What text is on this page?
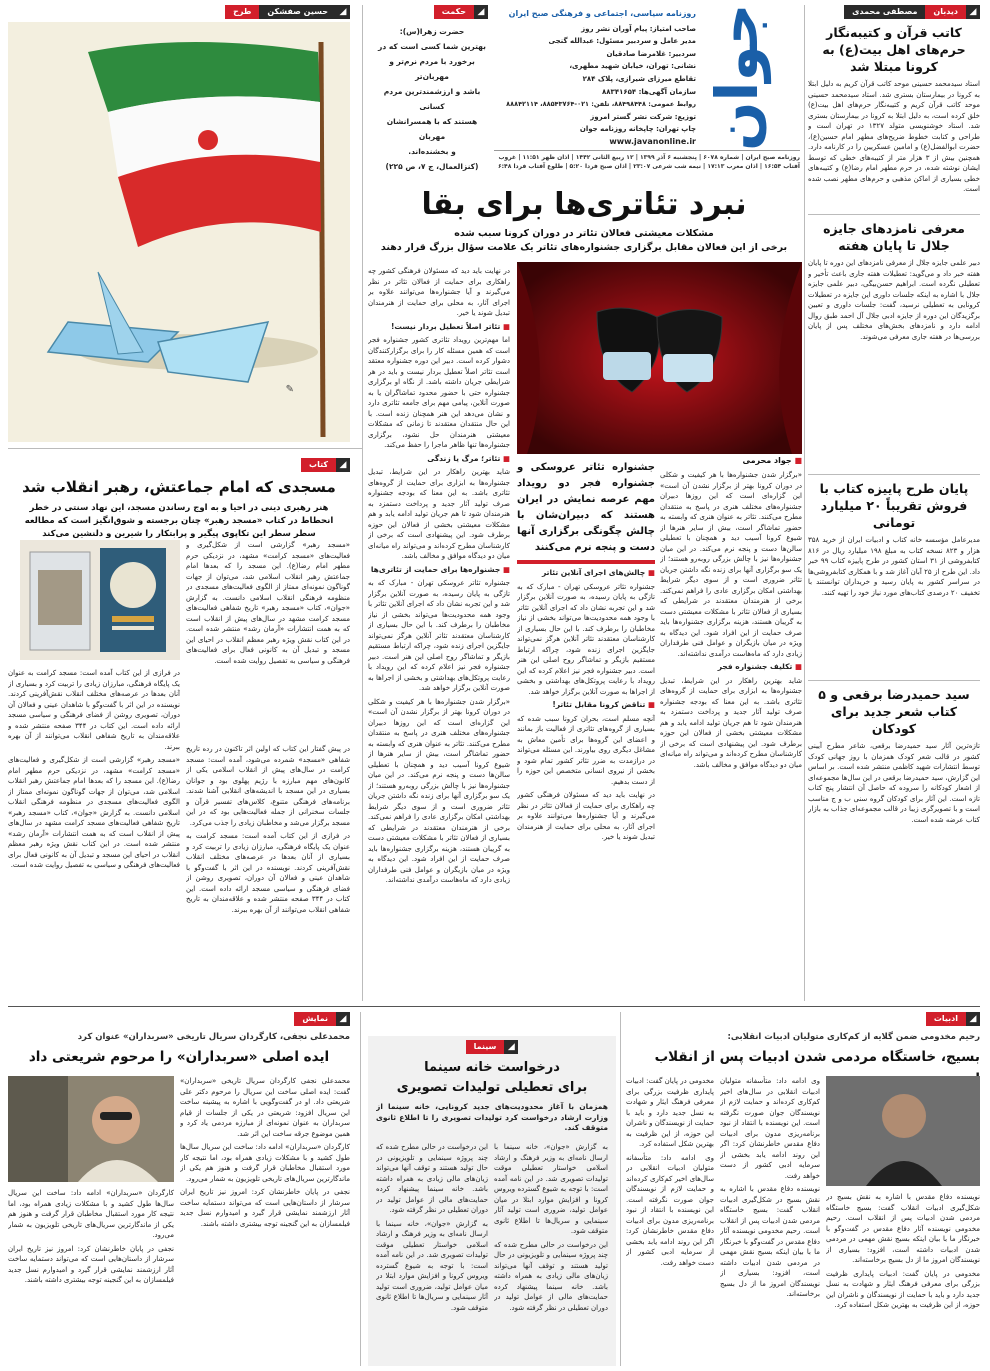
◢
حسین صفشکن
طرح
✎
◢
حکمت
حضرت زهرا(س):
بهترین شما کسی است که در
برخورد با مردم نرم‌تر و مهربان‌تر
باشد و ارزشمندترین مردم کسانی
هستند که با همسرانشان مهربان
و بخشنده‌اند.
(کنزالعمال، ج ۷، ص ۲۲۵)
روزنامه سیاسی، اجتماعی و فرهنگی صبح ایران
صاحب امتیاز: پیام آوران نشر روز
مدیر عامل و سردبیر مسئول: عبدالله گنجی
سردبیر: غلامرضا صادقیان
نشانی: تهران، خیابان شهید مطهری،
تقاطع میرزای شیرازی، پلاک ۲۸۴
سازمان آگهی‌ها: ۸۸۳۴۱۶۵۴
روابط عمومی: ۸۸۴۹۸۴۴۸، تلفن: ۰۲۱-۸۸۵۴۳۷۶۴، ۸۸۸۴۲۱۱۴
توزیع: شرکت نشر گستر امروز
چاپ تهران: چاپخانه روزنامه جوان
www.javanonline.ir جوان
روزنامه صبح ایران | شماره ۶۰۷۸ | پنجشنبه ۶ آذر ۱۳۹۹ | ۱۲ ربیع الثانی ۱۴۴۲ | اذان ظهر ۱۱:۵۱ | غروب آفتاب ۱۶:۵۴ | اذان مغرب ۱۷:۱۳ | نیمه شب شرعی ۲۳:۰۷ | اذان صبح فردا ۵:۲۰ | طلوع آفتاب فردا ۶:۴۸
نبرد تئاتری‌ها برای بقا
مشکلات معیشتی فعالان تئاتر در دوران کرونا سبب شده
برخی از این فعالان مقابل برگزاری جشنواره‌های تئاتر یک علامت سؤال بزرگ قرار دهند
■ جواد محرمی
جشنواره تئاتر عروسکی و جشنواره فجر دو رویداد مهم عرصه نمایش در ایران هستند که دبیران‌شان با چالش چگونگی برگزاری آنها دست و پنجه نرم می‌کنند

«برگزار شدن جشنواره‌ها با هر کیفیت و شکلی در دوران کرونا بهتر از برگزار نشدن آن است» این گزاره‌ای است که این روزها دبیران جشنواره‌های مختلف هنری در پاسخ به منتقدان مطرح می‌کنند. تئاتر به عنوان هنری که وابسته به حضور تماشاگر است، بیش از سایر هنرها از شیوع کرونا آسیب دید و همچنان با تعطیلی سالن‌ها دست و پنجه نرم می‌کند. در این میان جشنواره‌ها نیز با چالش بزرگی روبه‌رو هستند؛ از یک سو برگزاری آنها برای زنده نگه داشتن جریان تئاتر ضروری است و از سوی دیگر شرایط بهداشتی امکان برگزاری عادی را فراهم نمی‌کند. برخی از هنرمندان معتقدند در شرایطی که بسیاری از فعالان تئاتر با مشکلات معیشتی دست به گریبان هستند، هزینه برگزاری جشنواره‌ها باید صرف حمایت از این افراد شود. این دیدگاه به ویژه در میان بازیگران و عوامل فنی طرفداران زیادی دارد که ماه‌هاست درآمدی نداشته‌اند.

■ تکلیف جشنواره فجر

شاید بهترین راهکار در این شرایط، تبدیل جشنواره‌ها به ابزاری برای حمایت از گروه‌های تئاتری باشد. به این معنا که بودجه جشنواره صرف تولید آثار جدید و پرداخت دستمزد به هنرمندان شود تا هم جریان تولید ادامه یابد و هم مشکلات معیشتی بخشی از فعالان این حوزه برطرف شود. این پیشنهادی است که برخی از کارشناسان مطرح کرده‌اند و می‌تواند راه میانه‌ای میان دو دیدگاه موافق و مخالف باشد.

■ چالش‌های اجرای آنلاین تئاتر

جشنواره تئاتر عروسکی تهران - مبارک که به تازگی به پایان رسیده، به صورت آنلاین برگزار شد و این تجربه نشان داد که اجرای آنلاین تئاتر با وجود همه محدودیت‌ها می‌تواند بخشی از نیاز مخاطبان را برطرف کند. با این حال بسیاری از کارشناسان معتقدند تئاتر آنلاین هرگز نمی‌تواند جایگزین اجرای زنده شود، چراکه ارتباط مستقیم بازیگر و تماشاگر روح اصلی این هنر است. دبیر جشنواره فجر نیز اعلام کرده که این رویداد با رعایت پروتکل‌های بهداشتی و بخشی از اجراها به صورت آنلاین برگزار خواهد شد.

■ تناقض کرونا مقابل تئاتر!

آنچه مسلم است، بحران کرونا سبب شده که بسیاری از گروه‌های تئاتری از فعالیت باز بمانند و اعضای این گروه‌ها برای تأمین معاش به مشاغل دیگری روی بیاورند. این مسئله می‌تواند در درازمدت به ضرر تئاتر کشور تمام شود و بخشی از نیروی انسانی متخصص این حوزه را از دست بدهیم.

در نهایت باید دید که مسئولان فرهنگی کشور چه راهکاری برای حمایت از فعالان تئاتر در نظر می‌گیرند و آیا جشنواره‌ها می‌توانند علاوه بر اجرای آثار، به محلی برای حمایت از هنرمندان تبدیل شوند یا خیر.

در نهایت باید دید که مسئولان فرهنگی کشور چه راهکاری برای حمایت از فعالان تئاتر در نظر می‌گیرند و آیا جشنواره‌ها می‌توانند علاوه بر اجرای آثار، به محلی برای حمایت از هنرمندان تبدیل شوند یا خیر.

■ تئاتر اصلاً تعطیل بردار نیست!

اما مهم‌ترین رویداد تئاتری کشور جشنواره فجر است که همین مسئله کار را برای برگزارکنندگان دشوار کرده است. دبیر این دوره جشنواره معتقد است تئاتر اصلاً تعطیل بردار نیست و باید در هر شرایطی جریان داشته باشد. از نگاه او برگزاری جشنواره حتی با حضور محدود تماشاگران یا به صورت آنلاین، پیامی مهم برای جامعه تئاتری دارد و نشان می‌دهد این هنر همچنان زنده است. با این حال منتقدان معتقدند تا زمانی که مشکلات معیشتی هنرمندان حل نشود، برگزاری جشنواره‌ها تنها ظاهر ماجرا را حفظ می‌کند.

■ تئاتر؛ مرگ یا زندگی

شاید بهترین راهکار در این شرایط، تبدیل جشنواره‌ها به ابزاری برای حمایت از گروه‌های تئاتری باشد. به این معنا که بودجه جشنواره صرف تولید آثار جدید و پرداخت دستمزد به هنرمندان شود تا هم جریان تولید ادامه یابد و هم مشکلات معیشتی بخشی از فعالان این حوزه برطرف شود. این پیشنهادی است که برخی از کارشناسان مطرح کرده‌اند و می‌تواند راه میانه‌ای میان دو دیدگاه موافق و مخالف باشد.

■ جشنواره‌ها برای حمایت از تئاتری‌ها

جشنواره تئاتر عروسکی تهران - مبارک که به تازگی به پایان رسیده، به صورت آنلاین برگزار شد و این تجربه نشان داد که اجرای آنلاین تئاتر با وجود همه محدودیت‌ها می‌تواند بخشی از نیاز مخاطبان را برطرف کند. با این حال بسیاری از کارشناسان معتقدند تئاتر آنلاین هرگز نمی‌تواند جایگزین اجرای زنده شود، چراکه ارتباط مستقیم بازیگر و تماشاگر روح اصلی این هنر است. دبیر جشنواره فجر نیز اعلام کرده که این رویداد با رعایت پروتکل‌های بهداشتی و بخشی از اجراها به صورت آنلاین برگزار خواهد شد.

«برگزار شدن جشنواره‌ها با هر کیفیت و شکلی در دوران کرونا بهتر از برگزار نشدن آن است» این گزاره‌ای است که این روزها دبیران جشنواره‌های مختلف هنری در پاسخ به منتقدان مطرح می‌کنند. تئاتر به عنوان هنری که وابسته به حضور تماشاگر است، بیش از سایر هنرها از شیوع کرونا آسیب دید و همچنان با تعطیلی سالن‌ها دست و پنجه نرم می‌کند. در این میان جشنواره‌ها نیز با چالش بزرگی روبه‌رو هستند؛ از یک سو برگزاری آنها برای زنده نگه داشتن جریان تئاتر ضروری است و از سوی دیگر شرایط بهداشتی امکان برگزاری عادی را فراهم نمی‌کند. برخی از هنرمندان معتقدند در شرایطی که بسیاری از فعالان تئاتر با مشکلات معیشتی دست به گریبان هستند، هزینه برگزاری جشنواره‌ها باید صرف حمایت از این افراد شود. این دیدگاه به ویژه در میان بازیگران و عوامل فنی طرفداران زیادی دارد که ماه‌هاست درآمدی نداشته‌اند.

◢
کتاب
مسجدی که امام جماعتش، رهبر انقلاب شد
هنر رهبری دینی در احیا و به اوج رساندن مسجد، این نهاد سنتی در خطر انحطاط در کتاب «مسجد رهبر» چنان برجسته و شوق‌انگیز است که مطالعه سطر سطر این تکاپوی پیگیر و پرابتکار را شیرین و دلنشین می‌کند

«مسجد رهبر» گزارشی است از شکل‌گیری و فعالیت‌های «مسجد کرامت» مشهد، در نزدیکی حرم مطهر امام رضا(ع). این مسجد را که بعدها امام جماعتش رهبر انقلاب اسلامی شد، می‌توان از جهات گوناگون نمونه‌ای ممتاز از الگوی فعالیت‌های مسجدی در منظومه فرهنگی انقلاب اسلامی دانست. به گزارش «جوان»، کتاب «مسجد رهبر» تاریخ شفاهی فعالیت‌های مسجد کرامت مشهد در سال‌های پیش از انقلاب است که به همت انتشارات «آرمان رشد» منتشر شده است. در این کتاب نقش ویژه رهبر معظم انقلاب در احیای این مسجد و تبدیل آن به کانونی فعال برای فعالیت‌های فرهنگی و سیاسی به تفصیل روایت شده است.

در پیش گفتار این کتاب که اولین اثر تاکنون در رده تاریخ شفاهی «مسجد» شمرده می‌شود، آمده است: مسجد کرامت در سال‌های پیش از انقلاب اسلامی یکی از کانون‌های مهم مبارزه با رژیم پهلوی بود و جوانان بسیاری در این مسجد با اندیشه‌های انقلابی آشنا شدند. برنامه‌های فرهنگی متنوع، کلاس‌های تفسیر قرآن و جلسات سخنرانی از جمله فعالیت‌هایی بود که در این مسجد برگزار می‌شد و مخاطبان زیادی را جذب می‌کرد.

در فرازی از این کتاب آمده است: مسجد کرامت به عنوان یک پایگاه فرهنگی، مبارزان زیادی را تربیت کرد و بسیاری از آنان بعدها در عرصه‌های مختلف انقلاب نقش‌آفرینی کردند. نویسنده در این اثر با گفت‌وگو با شاهدان عینی و فعالان آن دوران، تصویری روشن از فضای فرهنگی و سیاسی مسجد ارائه داده است. این کتاب در ۳۴۴ صفحه منتشر شده و علاقه‌مندان به تاریخ شفاهی انقلاب می‌توانند از آن بهره ببرند.

در فرازی از این کتاب آمده است: مسجد کرامت به عنوان یک پایگاه فرهنگی، مبارزان زیادی را تربیت کرد و بسیاری از آنان بعدها در عرصه‌های مختلف انقلاب نقش‌آفرینی کردند. نویسنده در این اثر با گفت‌وگو با شاهدان عینی و فعالان آن دوران، تصویری روشن از فضای فرهنگی و سیاسی مسجد ارائه داده است. این کتاب در ۳۴۴ صفحه منتشر شده و علاقه‌مندان به تاریخ شفاهی انقلاب می‌توانند از آن بهره ببرند.

«مسجد رهبر» گزارشی است از شکل‌گیری و فعالیت‌های «مسجد کرامت» مشهد، در نزدیکی حرم مطهر امام رضا(ع). این مسجد را که بعدها امام جماعتش رهبر انقلاب اسلامی شد، می‌توان از جهات گوناگون نمونه‌ای ممتاز از الگوی فعالیت‌های مسجدی در منظومه فرهنگی انقلاب اسلامی دانست. به گزارش «جوان»، کتاب «مسجد رهبر» تاریخ شفاهی فعالیت‌های مسجد کرامت مشهد در سال‌های پیش از انقلاب است که به همت انتشارات «آرمان رشد» منتشر شده است. در این کتاب نقش ویژه رهبر معظم انقلاب در احیای این مسجد و تبدیل آن به کانونی فعال برای فعالیت‌های فرهنگی و سیاسی به تفصیل روایت شده است.

◢
دیدبان
مصطفی محمدی
کاتب قرآن و کتیبه‌نگار حرم‌های اهل بیت(ع) به کرونا مبتلا شد
استاد سیدمحمد حسینی موحد کاتب قرآن کریم به دلیل ابتلا به کرونا در بیمارستان بستری شد. استاد سیدمحمد حسینی موحد کاتب قرآن کریم و کتیبه‌نگار حرم‌های اهل بیت(ع) خلق کرده است، به دلیل ابتلا به کرونا در بیمارستان بستری شد. استاد خوشنویسی متولد ۱۳۲۷ در تهران است و طراحی و کتابت خطوط ضریح‌های مطهر امام حسین(ع)، حضرت ابوالفضل(ع) و امامین عسکریین را در کارنامه دارد. همچنین بیش از ۳ هزار متر از کتیبه‌های خطی که توسط ایشان نوشته شده، در حرم مطهر امام رضا(ع) و کتیبه‌های خطی بسیاری از اماکن مذهبی و حرم‌های مطهر نصب شده است.
معرفی نامزدهای جایزه جلال تا پایان هفته
دبیر علمی جایزه جلال از معرفی نامزدهای این دوره تا پایان هفته خبر داد و می‌گوید: تعطیلات هفته جاری باعث تأخیر و تعطیلی نگرده است. ابراهیم حسن‌بیگی، دبیر علمی جایزه جلال با اشاره به اینکه جلسات داوری این جایزه در تعطیلات کرونایی به تعطیلی نرسید، گفت: جلسات داوری و تعیین برگزیدگان این دوره از جایزه ادبی جلال آل احمد طبق روال ادامه دارد و نامزدهای بخش‌های مختلف پس از پایان بررسی‌ها در هفته جاری معرفی می‌شوند.
پایان طرح پاییزه کتاب با فروش تقریباً ۲۰ میلیارد تومانی
مدیرعامل مؤسسه خانه کتاب و ادبیات ایران از خرید ۳۵۸ هزار و ۸۲۳ نسخه کتاب به مبلغ ۱۹۸ میلیارد ریال در ۸۱۶ کتابفروشی از ۳۱ استان کشور در طرح پاییزه کتاب ۹۹ خبر داد. این طرح از ۲۵ آبان آغاز شد و با همکاری کتابفروشی‌ها در سراسر کشور به پایان رسید و خریداران توانستند با تخفیف ۲۰ درصدی کتاب‌های مورد نیاز خود را تهیه کنند.
سید حمیدرضا برقعی و ۵ کتاب شعر جدید برای کودکان
تازه‌ترین آثار سید حمیدرضا برقعی، شاعر مطرح آیینی کشور در قالب شعر کودک همزمان با روز جهانی کودک توسط انتشارات شهید کاظمی منتشر شده است. بر اساس این گزارش، سید حمیدرضا برقعی در این سال‌ها مجموعه‌ای از اشعار کودکانه را سروده که حاصل آن انتشار پنج کتاب تازه است. این آثار برای کودکان گروه سنی ب و ج مناسب است و با تصویرگری زیبا در قالب مجموعه‌ای جذاب به بازار کتاب عرضه شده است.
◢
ادبیات
رحیم مخدومی ضمن گلایه از کم‌کاری متولیان ادبیات انقلابی:
بسیج، خاستگاه مردمی شدن ادبیات پس از انقلاب

نویسنده دفاع مقدس با اشاره به نقش بسیج در شکل‌گیری ادبیات انقلاب گفت: بسیج خاستگاه مردمی شدن ادبیات پس از انقلاب است. رحیم مخدومی نویسنده آثار دفاع مقدس در گفت‌وگو با خبرنگار ما با بیان اینکه بسیج نقش مهمی در مردمی شدن ادبیات داشته است، افزود: بسیاری از نویسندگان امروز ما از دل بسیج برخاسته‌اند.

مخدومی در پایان گفت: ادبیات پایداری ظرفیت بزرگی برای معرفی فرهنگ ایثار و شهادت به نسل جدید دارد و باید با حمایت از نویسندگان و ناشران این حوزه، از این ظرفیت به بهترین شکل استفاده کرد.

وی ادامه داد: متأسفانه متولیان ادبیات انقلابی در سال‌های اخیر کم‌کاری کرده‌اند و حمایت لازم از نویسندگان جوان صورت نگرفته است. این نویسنده با انتقاد از نبود برنامه‌ریزی مدون برای ادبیات دفاع مقدس خاطرنشان کرد: اگر این روند ادامه یابد بخشی از سرمایه ادبی کشور از دست خواهد رفت.

نویسنده دفاع مقدس با اشاره به نقش بسیج در شکل‌گیری ادبیات انقلاب گفت: بسیج خاستگاه مردمی شدن ادبیات پس از انقلاب است. رحیم مخدومی نویسنده آثار دفاع مقدس در گفت‌وگو با خبرنگار ما با بیان اینکه بسیج نقش مهمی در مردمی شدن ادبیات داشته است، افزود: بسیاری از نویسندگان امروز ما از دل بسیج برخاسته‌اند.

مخدومی در پایان گفت: ادبیات پایداری ظرفیت بزرگی برای معرفی فرهنگ ایثار و شهادت به نسل جدید دارد و باید با حمایت از نویسندگان و ناشران این حوزه، از این ظرفیت به بهترین شکل استفاده کرد.

وی ادامه داد: متأسفانه متولیان ادبیات انقلابی در سال‌های اخیر کم‌کاری کرده‌اند و حمایت لازم از نویسندگان جوان صورت نگرفته است. این نویسنده با انتقاد از نبود برنامه‌ریزی مدون برای ادبیات دفاع مقدس خاطرنشان کرد: اگر این روند ادامه یابد بخشی از سرمایه ادبی کشور از دست خواهد رفت.

◢
سینما
درخواست خانه سینما
برای تعطیلی تولیدات تصویری
همزمان با آغاز محدودیت‌های جدید کرونایی، خانه سینما از وزارت ارشاد درخواست کرد تولیدات تصویری را تا اطلاع ثانوی متوقف کند.

به گزارش «جوان»، خانه سینما با ارسال نامه‌ای به وزیر فرهنگ و ارشاد اسلامی خواستار تعطیلی موقت تولیدات تصویری شد. در این نامه آمده است: با توجه به شیوع گسترده ویروس کرونا و افزایش موارد ابتلا در میان عوامل تولید، ضروری است تولید آثار سینمایی و سریال‌ها تا اطلاع ثانوی متوقف شود.

این درخواست در حالی مطرح شده که چند پروژه سینمایی و تلویزیونی در حال تولید هستند و توقف آنها می‌تواند زیان‌های مالی زیادی به همراه داشته باشد. خانه سینما پیشنهاد کرده حمایت‌های مالی از عوامل تولید در دوران تعطیلی در نظر گرفته شود.

این درخواست در حالی مطرح شده که چند پروژه سینمایی و تلویزیونی در حال تولید هستند و توقف آنها می‌تواند زیان‌های مالی زیادی به همراه داشته باشد. خانه سینما پیشنهاد کرده حمایت‌های مالی از عوامل تولید در دوران تعطیلی در نظر گرفته شود.

به گزارش «جوان»، خانه سینما با ارسال نامه‌ای به وزیر فرهنگ و ارشاد اسلامی خواستار تعطیلی موقت تولیدات تصویری شد. در این نامه آمده است: با توجه به شیوع گسترده ویروس کرونا و افزایش موارد ابتلا در میان عوامل تولید، ضروری است تولید آثار سینمایی و سریال‌ها تا اطلاع ثانوی متوقف شود.

◢
نمایش
محمدعلی نجفی، کارگردان سریال تاریخی «سربداران» عنوان کرد
ایده اصلی «سربداران» را مرحوم شریعتی داد

محمدعلی نجفی کارگردان سریال تاریخی «سربداران» گفت: ایده اصلی ساخت این سریال را مرحوم دکتر علی شریعتی داد. او در گفت‌وگویی با اشاره به پیشینه ساخت این سریال افزود: شریعتی در یکی از جلسات از قیام سربداران به عنوان نمونه‌ای از مبارزه مردمی یاد کرد و همین موضوع جرقه ساخت این اثر شد.

کارگردان «سربداران» ادامه داد: ساخت این سریال سال‌ها طول کشید و با مشکلات زیادی همراه بود، اما نتیجه کار مورد استقبال مخاطبان قرار گرفت و هنوز هم یکی از ماندگارترین سریال‌های تاریخی تلویزیون به شمار می‌رود.

نجفی در پایان خاطرنشان کرد: امروز نیز تاریخ ایران سرشار از داستان‌هایی است که می‌تواند دستمایه ساخت آثار ارزشمند نمایشی قرار گیرد و امیدوارم نسل جدید فیلمسازان به این گنجینه توجه بیشتری داشته باشند.

کارگردان «سربداران» ادامه داد: ساخت این سریال سال‌ها طول کشید و با مشکلات زیادی همراه بود، اما نتیجه کار مورد استقبال مخاطبان قرار گرفت و هنوز هم یکی از ماندگارترین سریال‌های تاریخی تلویزیون به شمار می‌رود.

نجفی در پایان خاطرنشان کرد: امروز نیز تاریخ ایران سرشار از داستان‌هایی است که می‌تواند دستمایه ساخت آثار ارزشمند نمایشی قرار گیرد و امیدوارم نسل جدید فیلمسازان به این گنجینه توجه بیشتری داشته باشند.
